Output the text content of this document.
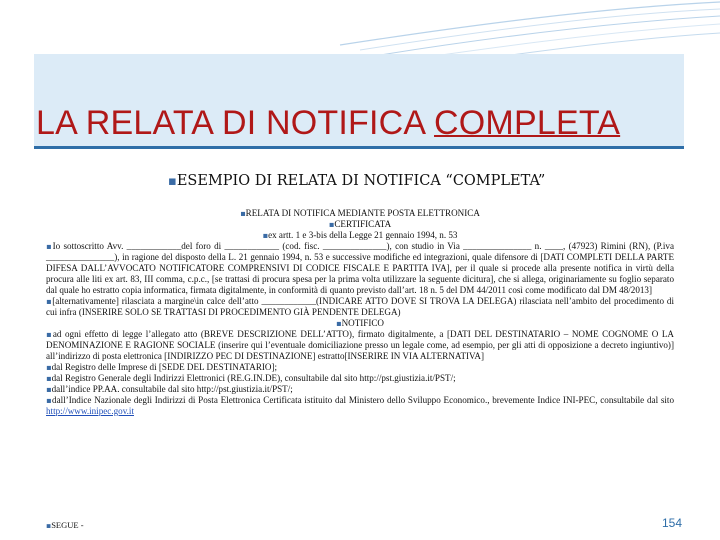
LA RELATA DI NOTIFICA COMPLETA
▪ESEMPIO DI RELATA DI NOTIFICA “COMPLETA”
▪RELATA DI NOTIFICA MEDIANTE POSTA ELETTRONICA
▪CERTIFICATA
▪ex artt. 1 e 3-bis della Legge 21 gennaio 1994, n. 53

▪Io sottoscritto Avv. ____________del foro di ____________ (cod. fisc. ______________), con studio in Via _______________ n. ____, (47923) Rimini (RN), (P.iva _______________), in ragione del disposto della L. 21 gennaio 1994, n. 53 e successive modifiche ed integrazioni, quale difensore di [DATI COMPLETI DELLA PARTE DIFESA DALL’AVVOCATO NOTIFICATORE COMPRENSIVI DI CODICE FISCALE E PARTITA IVA], per il quale si procede alla presente notifica in virtù della procura alle liti ex art. 83, III comma, c.p.c., [se trattasi di procura spesa per la prima volta utilizzare la seguente dicitura], che si allega, originariamente su foglio separato dal quale ho estratto copia informatica, firmata digitalmente, in conformità di quanto previsto dall’art. 18 n. 5 del DM 44/2011 così come modificato dal DM 48/2013]

▪[alternativamente] rilasciata a margine\in calce dell’atto ____________(INDICARE ATTO DOVE SI TROVA LA DELEGA) rilasciata nell’ambito del procedimento di cui infra (INSERIRE SOLO SE TRATTASI DI PROCEDIMENTO GIÀ PENDENTE DELEGA)

▪NOTIFICO

▪ad ogni effetto di legge l’allegato atto (BREVE DESCRIZIONE DELL’ATTO), firmato digitalmente, a [DATI DEL DESTINATARIO – NOME COGNOME O LA DENOMINAZIONE E RAGIONE SOCIALE (inserire qui l’eventuale domiciliazione presso un legale come, ad esempio, per gli atti di opposizione a decreto ingiuntivo)] all’indirizzo di posta elettronica [INDIRIZZO PEC DI DESTINAZIONE] estratto[INSERIRE IN VIA ALTERNATIVA]

▪dal Registro delle Imprese di [SEDE DEL DESTINATARIO];

▪dal Registro Generale degli Indirizzi Elettronici (RE.G.IN.DE), consultabile dal sito http://pst.giustizia.it/PST/;

▪dall’indice PP.AA. consultabile dal sito http://pst.giustizia.it/PST/;

▪dall’Indice Nazionale degli Indirizzi di Posta Elettronica Certificata istituito dal Ministero dello Sviluppo Economico., brevemente Indice INI-PEC, consultabile dal sito http://www.inipec.gov.it

▪SEGUE -	154
